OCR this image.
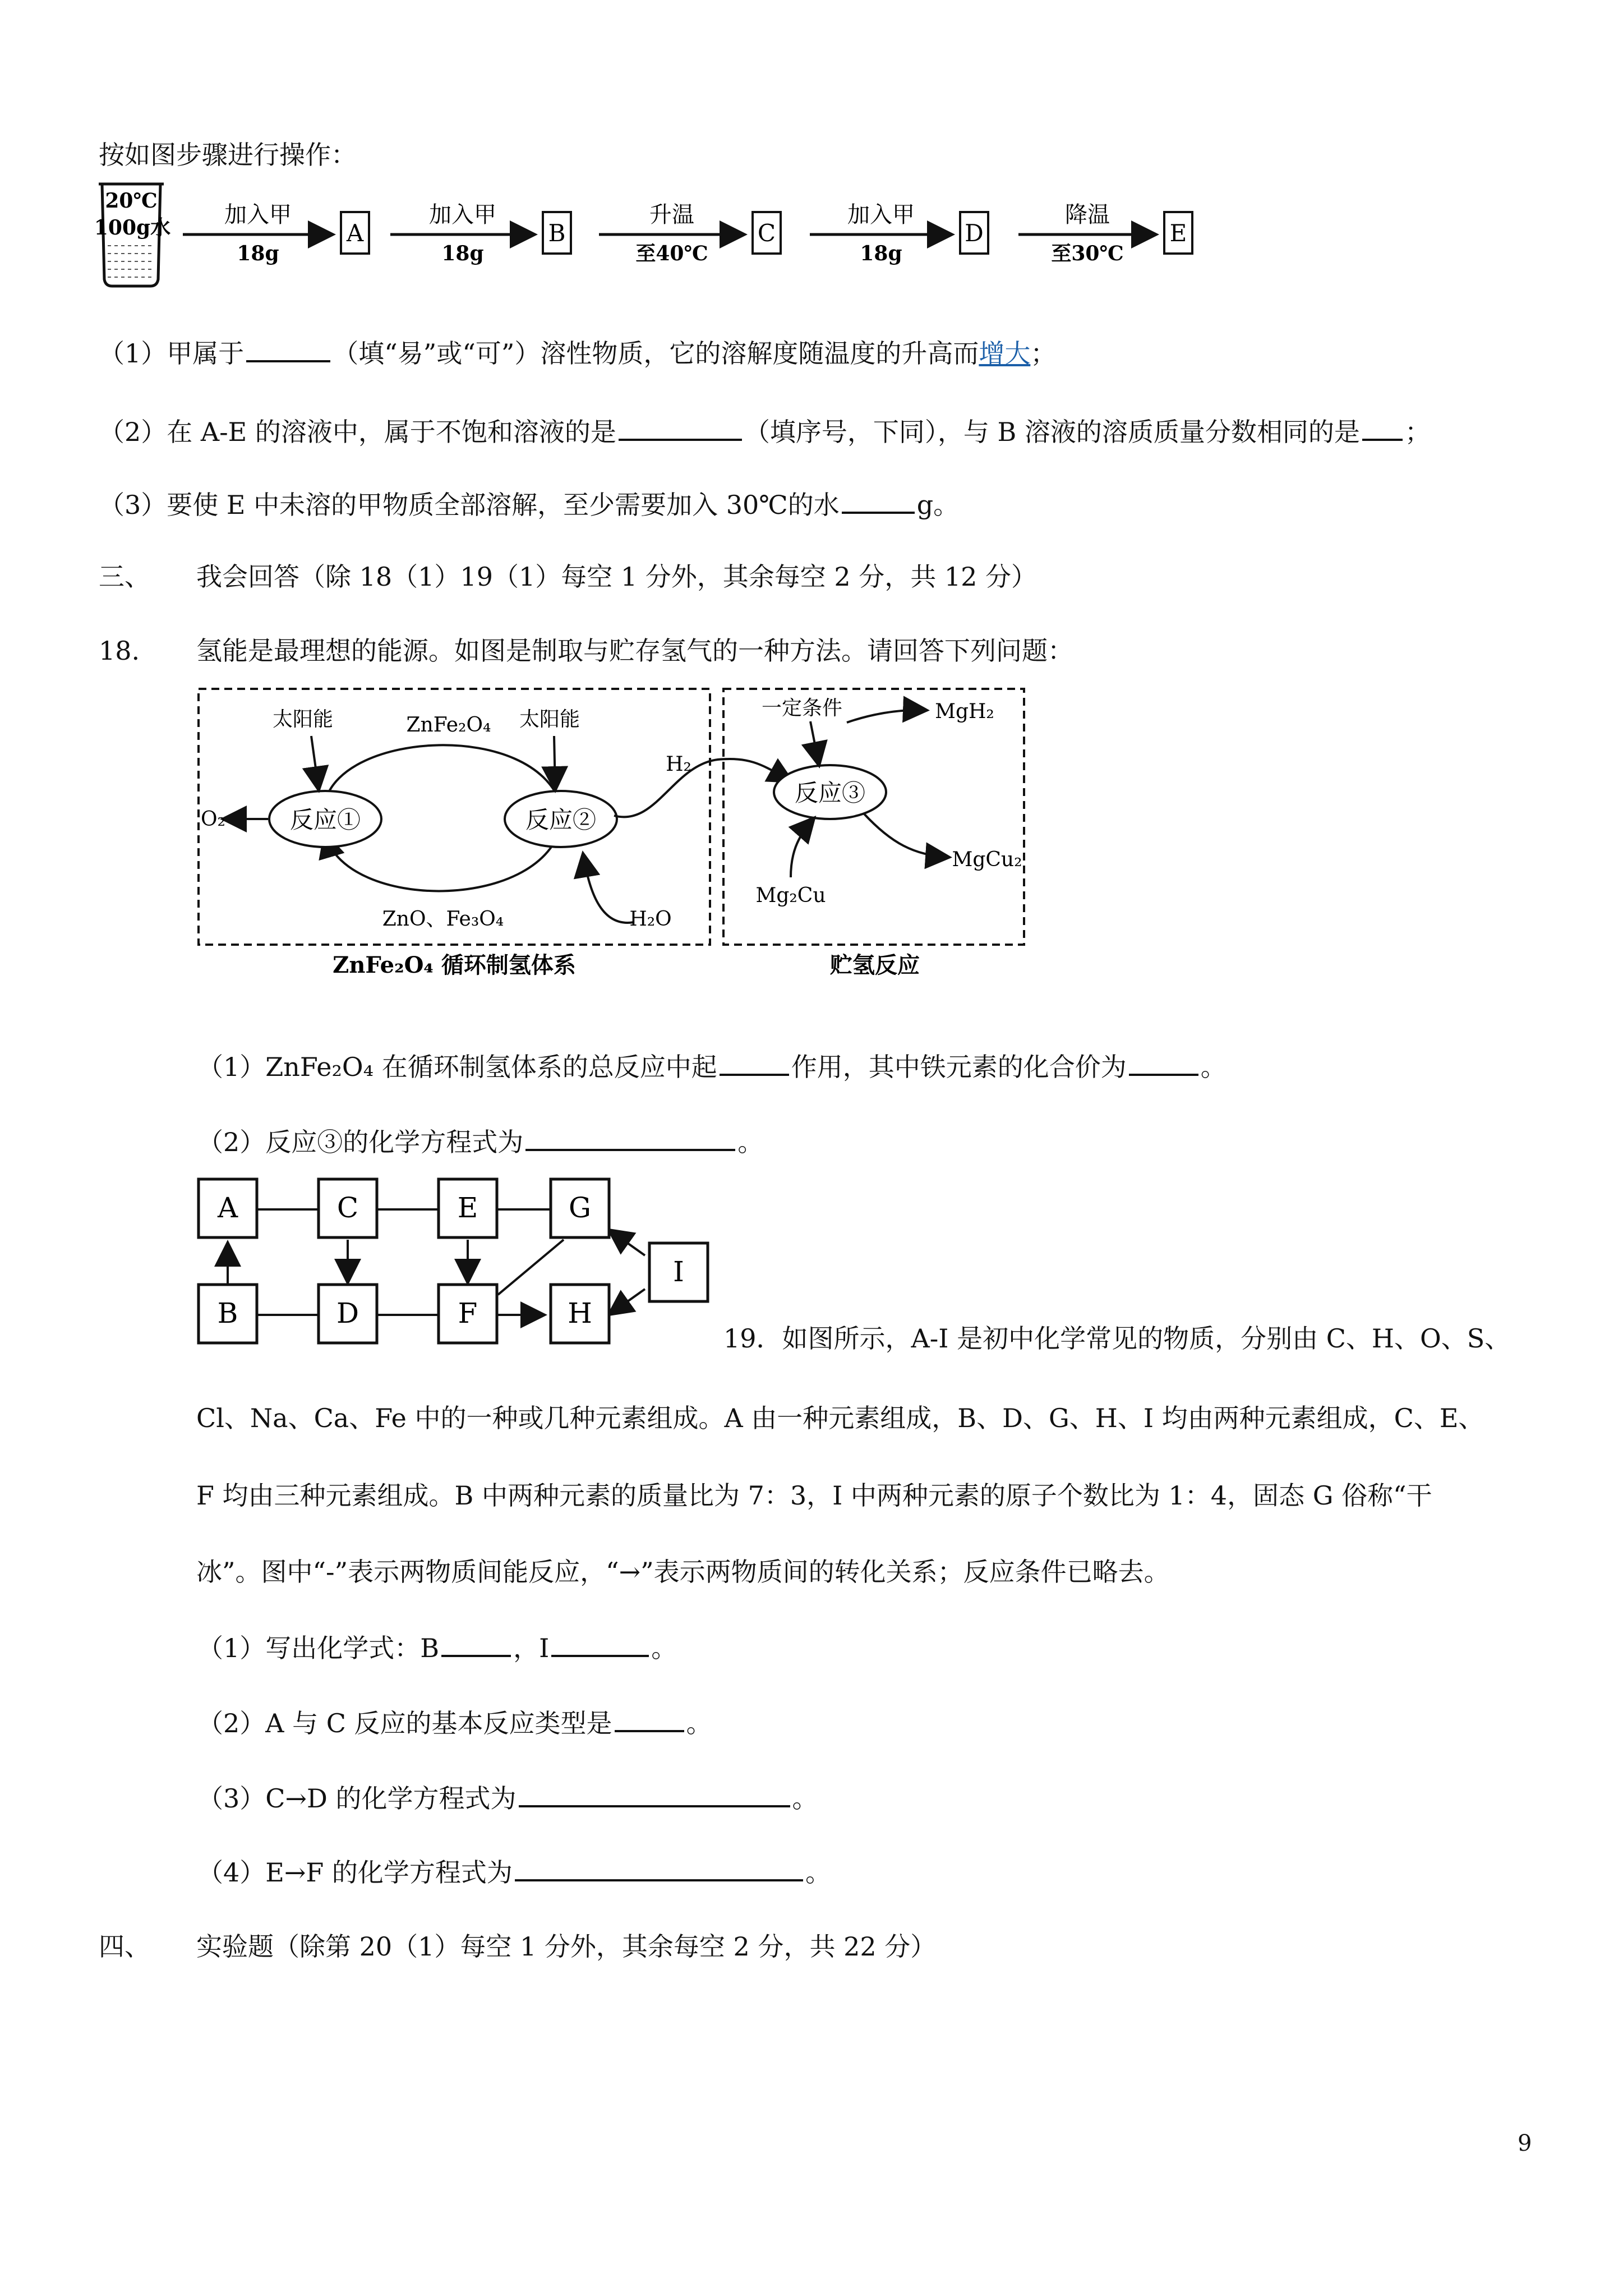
按如图步骤进行操作：
20℃
100g水 加入甲
18g
A
加入甲
18g
B
升温
至40℃
C
加入甲
18g
D
降温
至30℃
E
（1）甲属于	（填“易”或“可”）溶性物质，它的溶解度随温度的升高而增大；
（2）在 A-E 的溶液中，属于不饱和溶液的是	（填序号，下同），与 B 溶液的溶质质量分数相同的是 ；
（3）要使 E 中未溶的甲物质全部溶解，至少需要加入 30℃的水	g。
三、 我会回答（除 18（1）19（1）每空 1 分外，其余每空 2 分，共 12 分）
18. 氢能是最理想的能源。如图是制取与贮存氢气的一种方法。请回答下列问题：
反应①	反应②
太阳能	ZnFe₂O₄ 太阳能
O₂
H₂
H₂O
ZnO、Fe₃O₄
反应③
一定条件	MgH₂
MgCu₂
Mg₂Cu
ZnFe₂O₄ 循环制氢体系	贮氢反应
（1）ZnFe₂O₄ 在循环制氢体系的总反应中起	作用，其中铁元素的化合价为	。
（2）反应③的化学方程式为	。
A	C	E	G
B	D	F	H
I
19．如图所示，A-I 是初中化学常见的物质，分别由 C、H、O、S、
Cl、Na、Ca、Fe 中的一种或几种元素组成。A 由一种元素组成，B、D、G、H、I 均由两种元素组成，C、E、
F 均由三种元素组成。B 中两种元素的质量比为 7：3，I 中两种元素的原子个数比为 1：4，固态 G 俗称“干
冰”。图中“-”表示两物质间能反应，“→”表示两物质间的转化关系；反应条件已略去。
（1）写出化学式：B	，I	。
（2）A 与 C 反应的基本反应类型是	。
（3）C→D 的化学方程式为	。
（4）E→F 的化学方程式为	。
四、 实验题（除第 20（1）每空 1 分外，其余每空 2 分，共 22 分）
9
